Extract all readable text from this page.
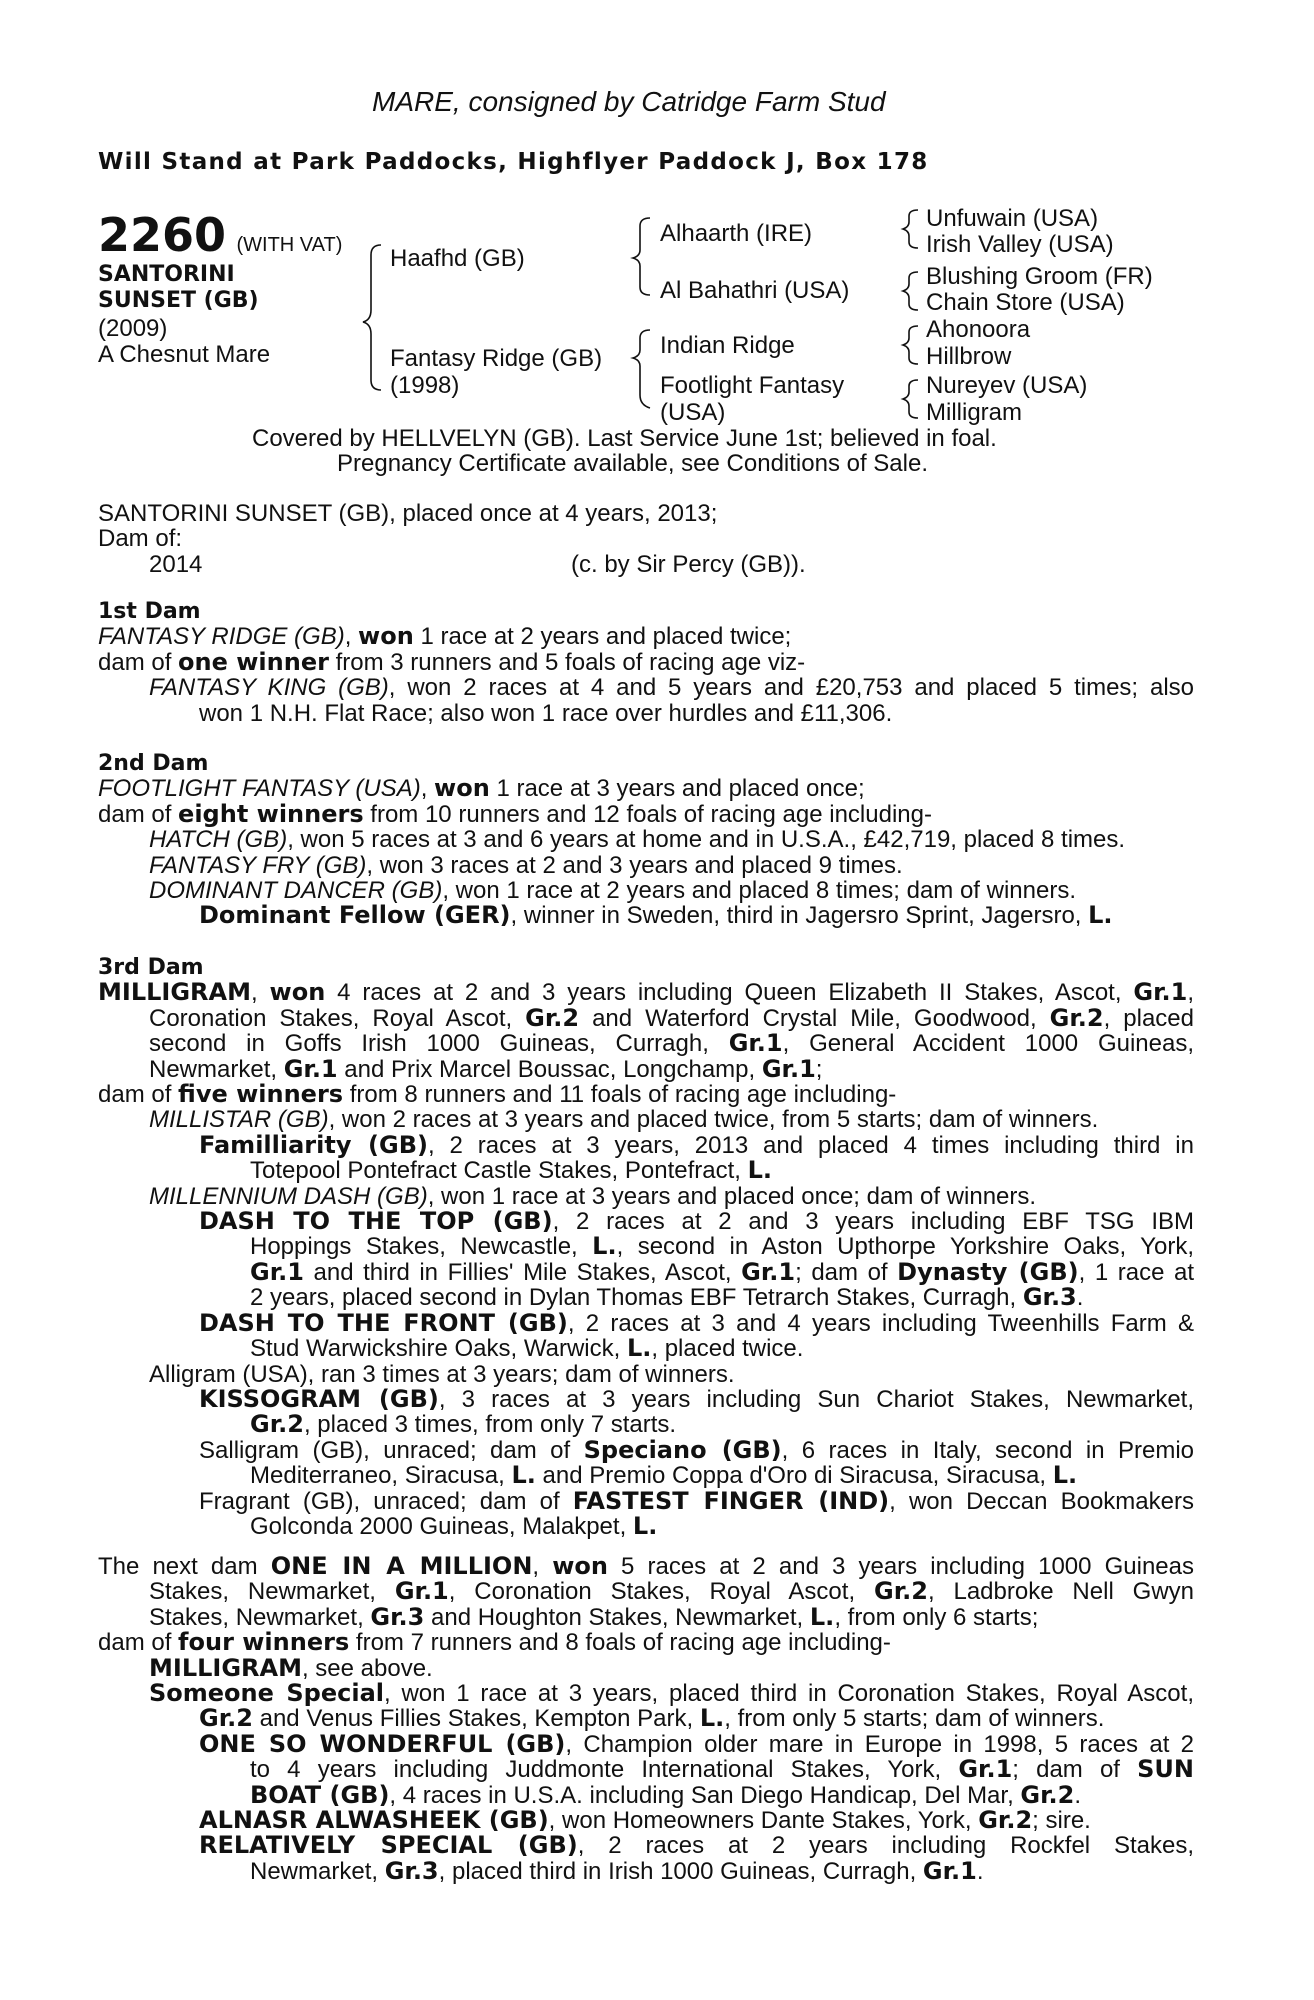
MARE, consigned by Catridge Farm Stud
Will Stand at Park Paddocks, Highflyer Paddock J, Box 178
2260 (WITH VAT)
SANTORINI
SUNSET (GB)
(2009)
A Chesnut Mare
Haafhd (GB)
Fantasy Ridge (GB)
(1998)
Alhaarth (IRE)
Al Bahathri (USA)
Indian Ridge
Footlight Fantasy
(USA)
Unfuwain (USA)
Irish Valley (USA)
Blushing Groom (FR)
Chain Store (USA)
Ahonoora
Hillbrow
Nureyev (USA)
Milligram
Covered by HELLVELYN (GB). Last Service June 1st; believed in foal.
Pregnancy Certificate available, see Conditions of Sale.
SANTORINI SUNSET (GB), placed once at 4 years, 2013;
Dam of:
2014	(c. by Sir Percy (GB)).
1st Dam
FANTASY RIDGE (GB), won 1 race at 2 years and placed twice;
dam of one winner from 3 runners and 5 foals of racing age viz-
FANTASY KING (GB), won 2 races at 4 and 5 years and £20,753 and placed 5 times; also
won 1 N.H. Flat Race; also won 1 race over hurdles and £11,306.
2nd Dam
FOOTLIGHT FANTASY (USA), won 1 race at 3 years and placed once;
dam of eight winners from 10 runners and 12 foals of racing age including-
HATCH (GB), won 5 races at 3 and 6 years at home and in U.S.A., £42,719, placed 8 times.
FANTASY FRY (GB), won 3 races at 2 and 3 years and placed 9 times.
DOMINANT DANCER (GB), won 1 race at 2 years and placed 8 times; dam of winners.
Dominant Fellow (GER), winner in Sweden, third in Jagersro Sprint, Jagersro, L.
3rd Dam
MILLIGRAM, won 4 races at 2 and 3 years including Queen Elizabeth II Stakes, Ascot, Gr.1,
Coronation Stakes, Royal Ascot, Gr.2 and Waterford Crystal Mile, Goodwood, Gr.2, placed
second in Goffs Irish 1000 Guineas, Curragh, Gr.1, General Accident 1000 Guineas,
Newmarket, Gr.1 and Prix Marcel Boussac, Longchamp, Gr.1;
dam of five winners from 8 runners and 11 foals of racing age including-
MILLISTAR (GB), won 2 races at 3 years and placed twice, from 5 starts; dam of winners.
Familliarity (GB), 2 races at 3 years, 2013 and placed 4 times including third in
Totepool Pontefract Castle Stakes, Pontefract, L.
MILLENNIUM DASH (GB), won 1 race at 3 years and placed once; dam of winners.
DASH TO THE TOP (GB), 2 races at 2 and 3 years including EBF TSG IBM
Hoppings Stakes, Newcastle, L., second in Aston Upthorpe Yorkshire Oaks, York,
Gr.1 and third in Fillies' Mile Stakes, Ascot, Gr.1; dam of Dynasty (GB), 1 race at
2 years, placed second in Dylan Thomas EBF Tetrarch Stakes, Curragh, Gr.3.
DASH TO THE FRONT (GB), 2 races at 3 and 4 years including Tweenhills Farm &
Stud Warwickshire Oaks, Warwick, L., placed twice.
Alligram (USA), ran 3 times at 3 years; dam of winners.
KISSOGRAM (GB), 3 races at 3 years including Sun Chariot Stakes, Newmarket,
Gr.2, placed 3 times, from only 7 starts.
Salligram (GB), unraced; dam of Speciano (GB), 6 races in Italy, second in Premio
Mediterraneo, Siracusa, L. and Premio Coppa d'Oro di Siracusa, Siracusa, L.
Fragrant (GB), unraced; dam of FASTEST FINGER (IND), won Deccan Bookmakers
Golconda 2000 Guineas, Malakpet, L.
The next dam ONE IN A MILLION, won 5 races at 2 and 3 years including 1000 Guineas
Stakes, Newmarket, Gr.1, Coronation Stakes, Royal Ascot, Gr.2, Ladbroke Nell Gwyn
Stakes, Newmarket, Gr.3 and Houghton Stakes, Newmarket, L., from only 6 starts;
dam of four winners from 7 runners and 8 foals of racing age including-
MILLIGRAM, see above.
Someone Special, won 1 race at 3 years, placed third in Coronation Stakes, Royal Ascot,
Gr.2 and Venus Fillies Stakes, Kempton Park, L., from only 5 starts; dam of winners.
ONE SO WONDERFUL (GB), Champion older mare in Europe in 1998, 5 races at 2
to 4 years including Juddmonte International Stakes, York, Gr.1; dam of SUN
BOAT (GB), 4 races in U.S.A. including San Diego Handicap, Del Mar, Gr.2.
ALNASR ALWASHEEK (GB), won Homeowners Dante Stakes, York, Gr.2; sire.
RELATIVELY SPECIAL (GB), 2 races at 2 years including Rockfel Stakes,
Newmarket, Gr.3, placed third in Irish 1000 Guineas, Curragh, Gr.1.
